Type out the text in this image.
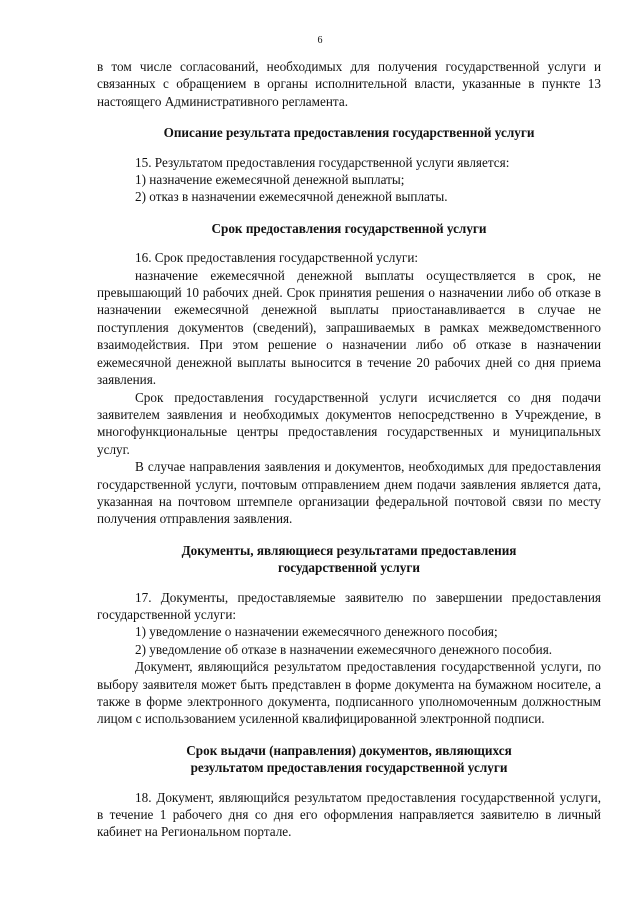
6

в том числе согласований, необходимых для получения государственной услуги и связанных с обращением в органы исполнительной власти, указанные в пункте 13 настоящего Административного регламента.

Описание результата предоставления государственной услуги

15. Результатом предоставления государственной услуги является:

1) назначение ежемесячной денежной выплаты;
2) отказ в назначении ежемесячной денежной выплаты.
Срок предоставления государственной услуги

16. Срок предоставления государственной услуги:

назначение ежемесячной денежной выплаты осуществляется в срок, не превышающий 10 рабочих дней. Срок принятия решения о назначении либо об отказе в назначении ежемесячной денежной выплаты приостанавливается в случае не поступления документов (сведений), запрашиваемых в рамках межведомственного взаимодействия. При этом решение о назначении либо об отказе в назначении ежемесячной денежной выплаты выносится в течение 20 рабочих дней со дня приема заявления.

Срок предоставления государственной услуги исчисляется со дня подачи заявителем заявления и необходимых документов непосредственно в Учреждение, в многофункциональные центры предоставления государственных и муниципальных услуг.

В случае направления заявления и документов, необходимых для предоставления государственной услуги, почтовым отправлением днем подачи заявления является дата, указанная на почтовом штемпеле организации федеральной почтовой связи по месту получения отправления заявления.

Документы, являющиеся результатами предоставления
государственной услуги

17. Документы, предоставляемые заявителю по завершении предоставления государственной услуги:

1) уведомление о назначении ежемесячного денежного пособия;
2) уведомление об отказе в назначении ежемесячного денежного пособия.

Документ, являющийся результатом предоставления государственной услуги, по выбору заявителя может быть представлен в форме документа на бумажном носителе, а также в форме электронного документа, подписанного уполномоченным должностным лицом с использованием усиленной квалифицированной электронной подписи.

Срок выдачи (направления) документов, являющихся
результатом предоставления государственной услуги

18. Документ, являющийся результатом предоставления государственной услуги, в течение 1 рабочего дня со дня его оформления направляется заявителю в личный кабинет на Региональном портале.
